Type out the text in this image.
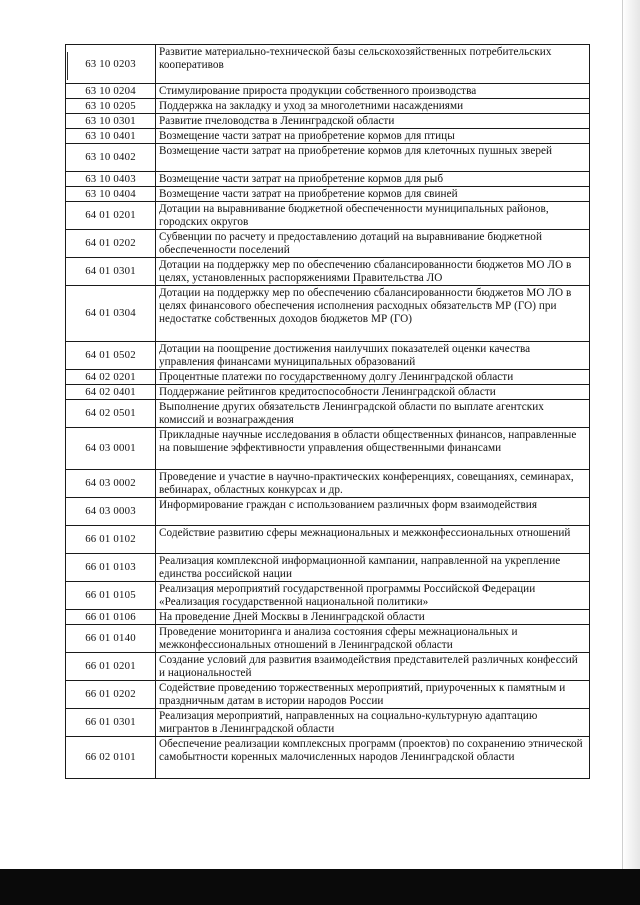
63 10 0203	Развитие материально-технической базы сельскохозяйственных потребительских кооперативов
63 10 0204	Стимулирование прироста продукции собственного производства
63 10 0205	Поддержка на закладку и уход за многолетними насаждениями
63 10 0301	Развитие пчеловодства в Ленинградской области
63 10 0401	Возмещение части затрат на приобретение кормов для птицы
63 10 0402	Возмещение части затрат на приобретение кормов для клеточных пушных зверей
63 10 0403	Возмещение части затрат на приобретение кормов для рыб
63 10 0404	Возмещение части затрат на приобретение кормов для свиней
64 01 0201	Дотации на выравнивание бюджетной обеспеченности муниципальных районов, городских округов
64 01 0202	Субвенции по расчету и предоставлению дотаций на выравнивание бюджетной обеспеченности поселений
64 01 0301	Дотации на поддержку мер по обеспечению сбалансированности бюджетов МО ЛО в целях, установленных распоряжениями Правительства ЛО
64 01 0304	Дотации на поддержку мер по обеспечению сбалансированности бюджетов МО ЛО в целях финансового обеспечения исполнения расходных обязательств МР (ГО) при недостатке собственных доходов бюджетов МР (ГО)
64 01 0502	Дотации на поощрение достижения наилучших показателей оценки качества управления финансами муниципальных образований
64 02 0201	Процентные платежи по государственному долгу Ленинградской области
64 02 0401	Поддержание рейтингов кредитоспособности Ленинградской области
64 02 0501	Выполнение других обязательств Ленинградской области по выплате агентских комиссий и вознаграждения
64 03 0001	Прикладные научные исследования в области общественных финансов, направленные на повышение эффективности управления общественными финансами
64 03 0002	Проведение и участие в научно-практических конференциях, совещаниях, семинарах, вебинарах, областных конкурсах и др.
64 03 0003	Информирование граждан с использованием различных форм взаимодействия
66 01 0102	Содействие развитию сферы межнациональных и межконфессиональных отношений
66 01 0103	Реализация комплексной информационной кампании, направленной на укрепление единства российской нации
66 01 0105	Реализация мероприятий государственной программы Российской Федерации «Реализация государственной национальной политики»
66 01 0106	На проведение Дней Москвы в Ленинградской области
66 01 0140	Проведение мониторинга и анализа состояния сферы межнациональных и межконфессиональных отношений в Ленинградской области
66 01 0201	Создание условий для развития взаимодействия представителей различных конфессий и национальностей
66 01 0202	Содействие проведению торжественных мероприятий, приуроченных к памятным и праздничным датам в истории народов России
66 01 0301	Реализация мероприятий, направленных на социально-культурную адаптацию мигрантов в Ленинградской области
66 02 0101	Обеспечение реализации комплексных программ (проектов) по сохранению этнической самобытности коренных малочисленных народов Ленинградской области
